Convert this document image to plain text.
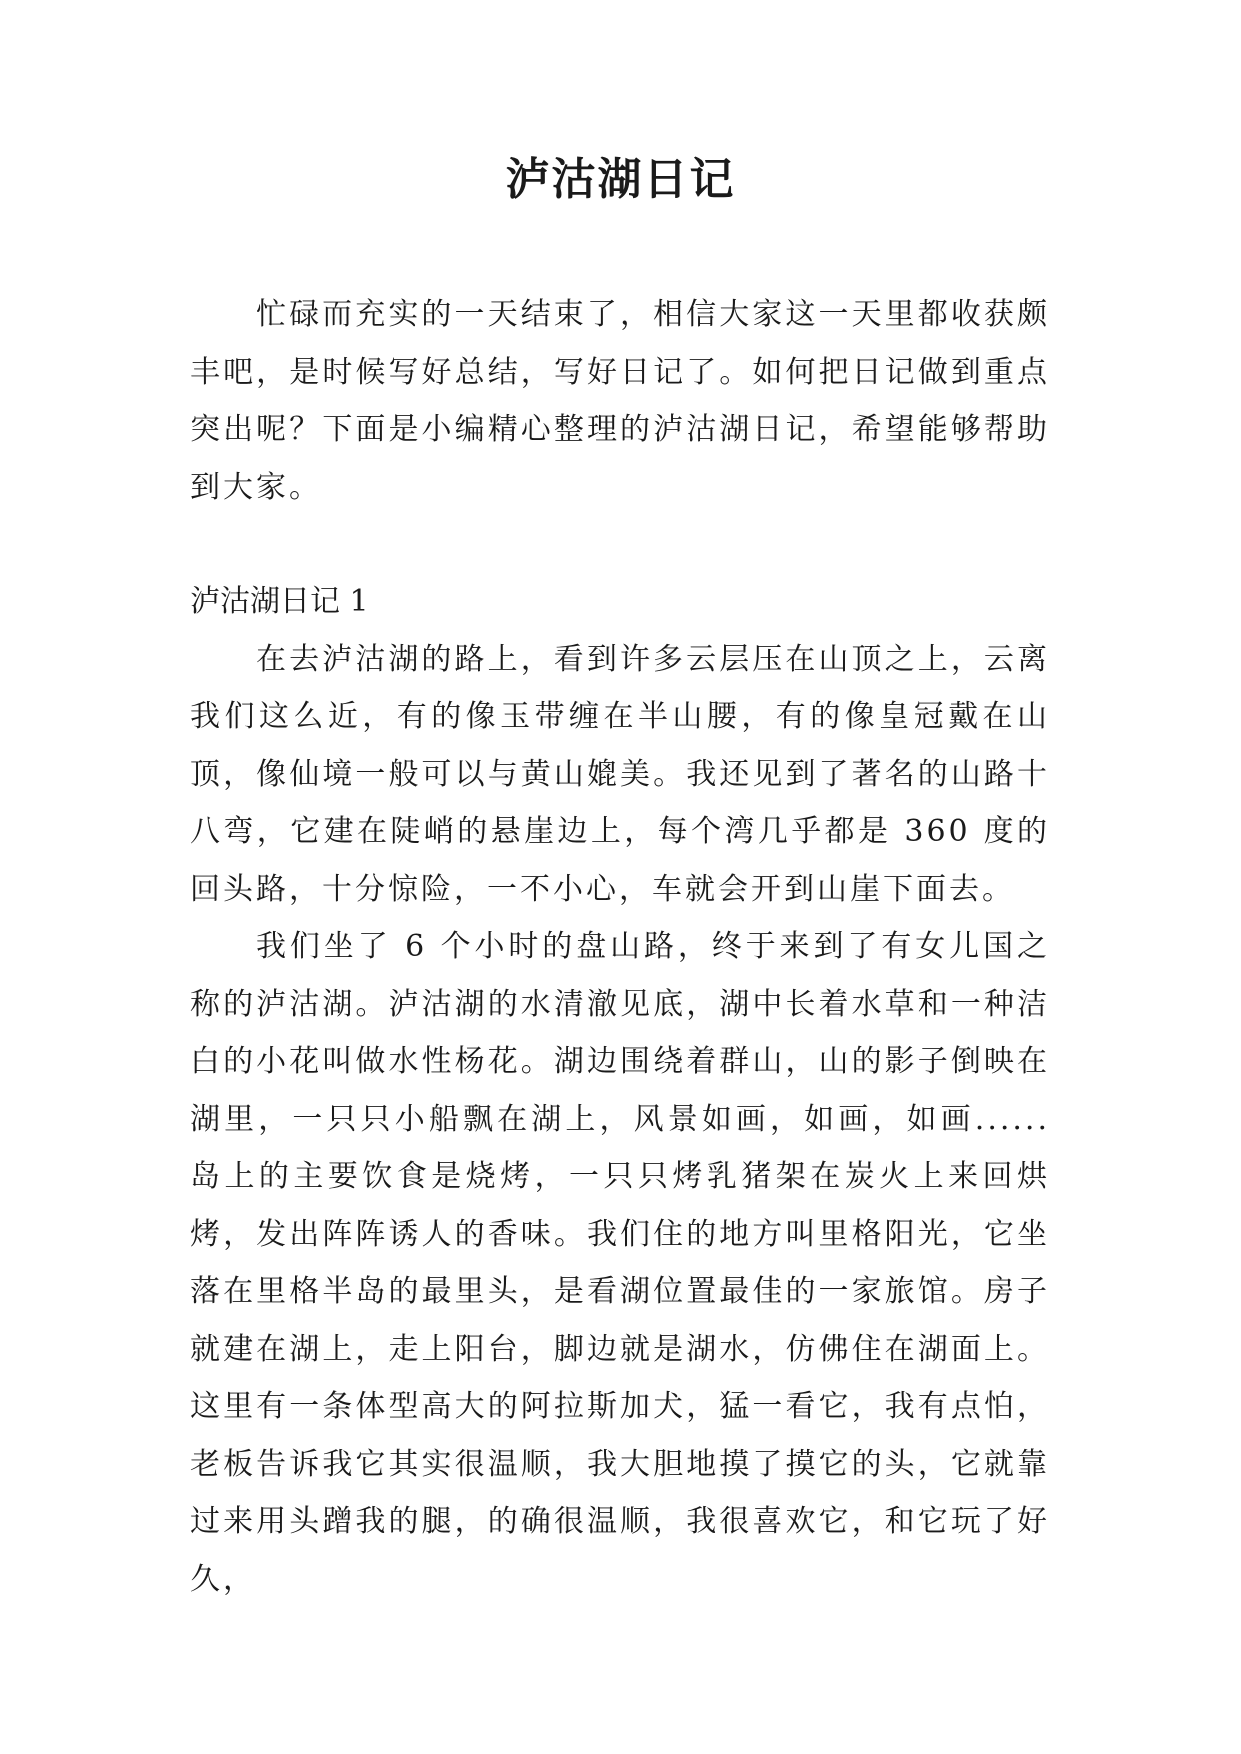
泸沽湖日记

忙碌而充实的一天结束了，相信大家这一天里都收获颇丰吧，是时候写好总结，写好日记了。如何把日记做到重点突出呢？下面是小编精心整理的泸沽湖日记，希望能够帮助到大家。

泸沽湖日记 1

在去泸沽湖的路上，看到许多云层压在山顶之上，云离我们这么近，有的像玉带缠在半山腰，有的像皇冠戴在山顶，像仙境一般可以与黄山媲美。我还见到了著名的山路十八弯，它建在陡峭的悬崖边上，每个湾几乎都是 360 度的回头路，十分惊险，一不小心，车就会开到山崖下面去。

我们坐了 6 个小时的盘山路，终于来到了有女儿国之称的泸沽湖。泸沽湖的水清澈见底，湖中长着水草和一种洁白的小花叫做水性杨花。湖边围绕着群山，山的影子倒映在湖里，一只只小船飘在湖上，风景如画，如画，如画......岛上的主要饮食是烧烤，一只只烤乳猪架在炭火上来回烘烤，发出阵阵诱人的香味。我们住的地方叫里格阳光，它坐落在里格半岛的最里头，是看湖位置最佳的一家旅馆。房子就建在湖上，走上阳台，脚边就是湖水，仿佛住在湖面上。这里有一条体型高大的阿拉斯加犬，猛一看它，我有点怕，老板告诉我它其实很温顺，我大胆地摸了摸它的头，它就靠过来用头蹭我的腿，的确很温顺，我很喜欢它，和它玩了好久，
